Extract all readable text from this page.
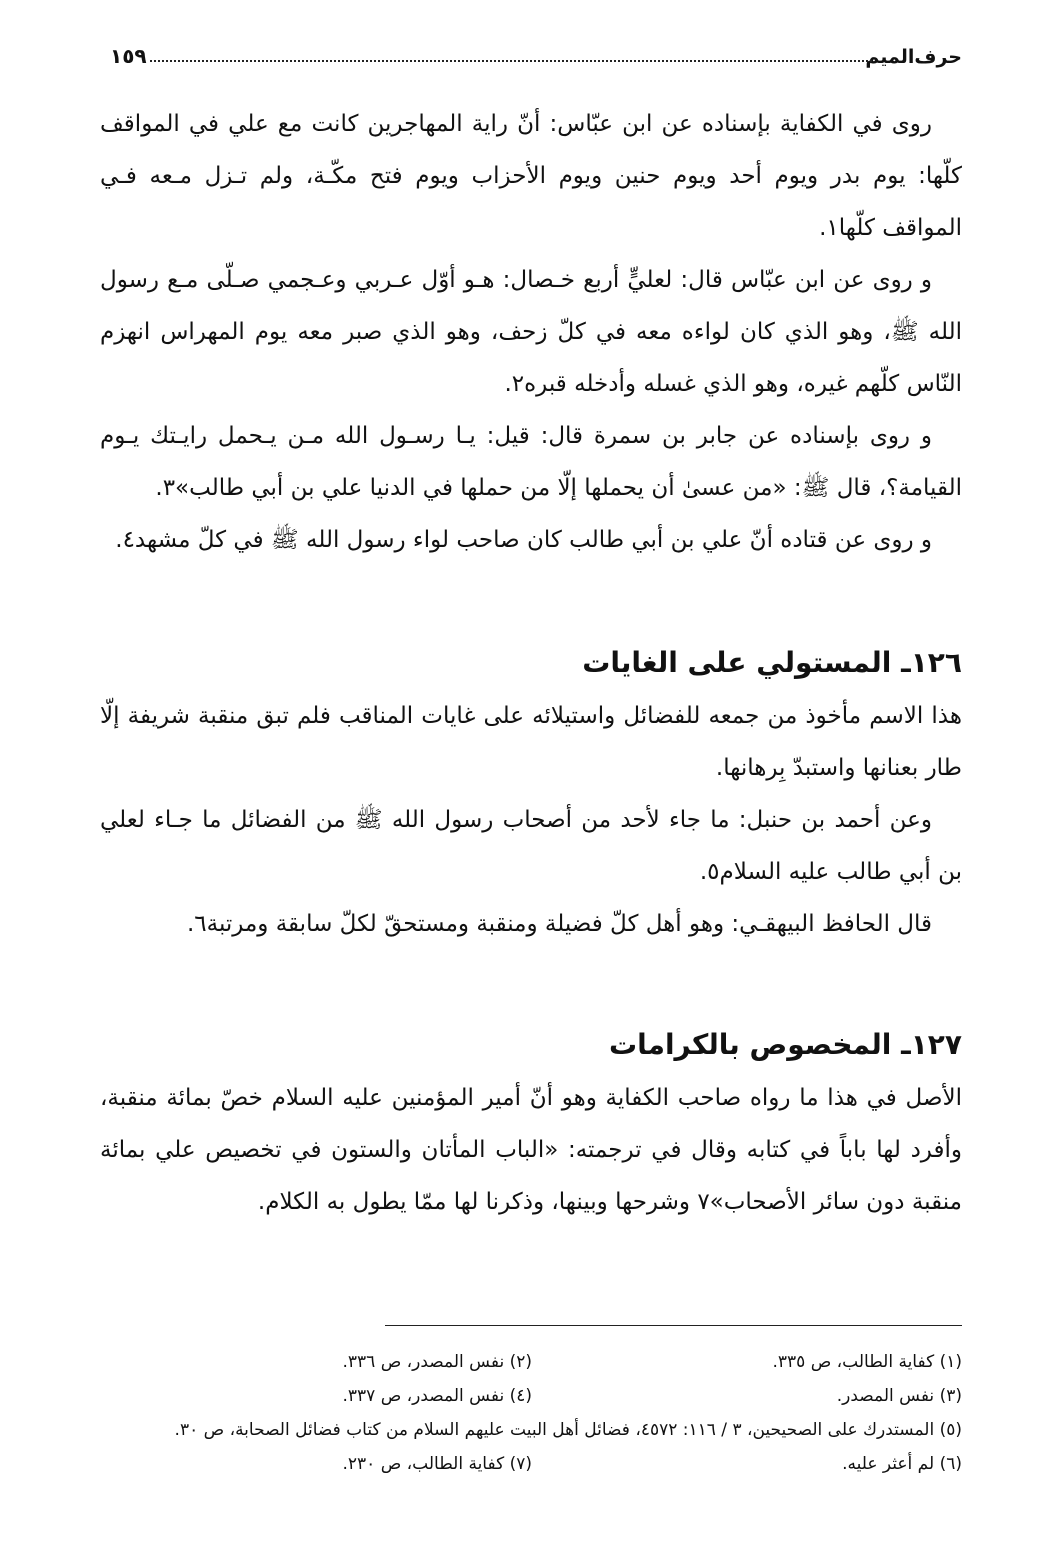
حرف‌الميم
١٥٩

روى في الكفاية بإسناده عن ابن عبّاس: أنّ راية المهاجرين كانت مع علي في المواقف كلّها: يوم بدر ويوم أحد ويوم حنين ويوم الأحزاب ويوم فتح مكّـة، ولم تـزل مـعه فـي المواقف كلّها١.

و روى عن ابن عبّاس قال: لعليٍّ أربع خـصال: هـو أوّل عـربي وعـجمي صـلّى مـع رسول الله ﷺ، وهو الذي كان لواءه معه في كلّ زحف، وهو الذي صبر معه يوم المهراس انهزم النّاس كلّهم غيره، وهو الذي غسله وأدخله قبره٢.

و روى بإسناده عن جابر بن سمرة قال: قيل: يـا رسـول الله مـن يـحمل رايـتك يـوم القيامة؟، قال ﷺ: «من عسىٰ أن يحملها إلّا من حملها في الدنيا علي بن أبي طالب»٣.

و روى عن قتاده أنّ علي بن أبي طالب كان صاحب لواء رسول الله ﷺ في كلّ مشهد٤.

١٢٦ـ المستولي على الغايات

هذا الاسم مأخوذ من جمعه للفضائل واستيلائه على غايات المناقب فلم تبق منقبة شريفة إلّا طار بعنانها واستبدّ بِرهانها.

وعن أحمد بن حنبل: ما جاء لأحد من أصحاب رسول الله ﷺ من الفضائل ما جـاء لعلي بن أبي طالب عليه السلام٥.

قال الحافظ البيهقـي: وهو أهل كلّ فضيلة ومنقبة ومستحقّ لكلّ سابقة ومرتبة٦.

١٢٧ـ المخصوص بالكرامات

الأصل في هذا ما رواه صاحب الكفاية وهو أنّ أمير المؤمنين عليه السلام خصّ بمائة منقبة، وأفرد لها باباً في كتابه وقال في ترجمته: «الباب المأتان والستون في تخصيص علي بمائة منقبة دون سائر الأصحاب»٧ وشرحها وبينها، وذكرنا لها ممّا يطول به الكلام.

(١) كفاية الطالب، ص ٣٣٥.
(٢) نفس المصدر، ص ٣٣٦.
(٣) نفس المصدر.
(٤) نفس المصدر، ص ٣٣٧.
(٥) المستدرك على الصحيحين، ٣ / ١١٦: ٤٥٧٢، فضائل أهل البيت عليهم السلام من كتاب فضائل الصحابة، ص ٣٠.
(٦) لم أعثر عليه.
(٧) كفاية الطالب، ص ٢٣٠.
